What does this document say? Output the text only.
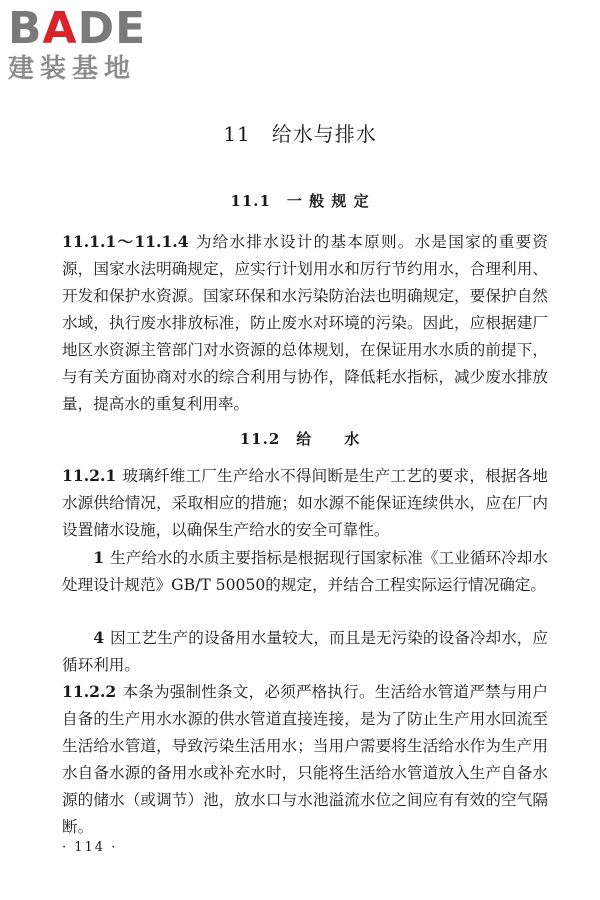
BADE
建装基地
11　给水与排水
11.1　一 般 规 定

11.1.1～11.1.4 为给水排水设计的基本原则。水是国家的重要资源，国家水法明确规定，应实行计划用水和厉行节约用水，合理利用、开发和保护水资源。国家环保和水污染防治法也明确规定，要保护自然水域，执行废水排放标准，防止废水对环境的污染。因此，应根据建厂地区水资源主管部门对水资源的总体规划，在保证用水水质的前提下，与有关方面协商对水的综合利用与协作，降低耗水指标，减少废水排放量，提高水的重复利用率。

11.2　给　　水

11.2.1 玻璃纤维工厂生产给水不得间断是生产工艺的要求，根据各地水源供给情况，采取相应的措施；如水源不能保证连续供水，应在厂内设置储水设施，以确保生产给水的安全可靠性。

1 生产给水的水质主要指标是根据现行国家标准《工业循环冷却水处理设计规范》GB/T 50050的规定，并结合工程实际运行情况确定。

4 因工艺生产的设备用水量较大，而且是无污染的设备冷却水，应循环利用。

11.2.2 本条为强制性条文，必须严格执行。生活给水管道严禁与用户自备的生产用水水源的供水管道直接连接，是为了防止生产用水回流至生活给水管道，导致污染生活用水；当用户需要将生活给水作为生产用水自备水源的备用水或补充水时，只能将生活给水管道放入生产自备水源的储水（或调节）池，放水口与水池溢流水位之间应有有效的空气隔断。

· 114 ·
